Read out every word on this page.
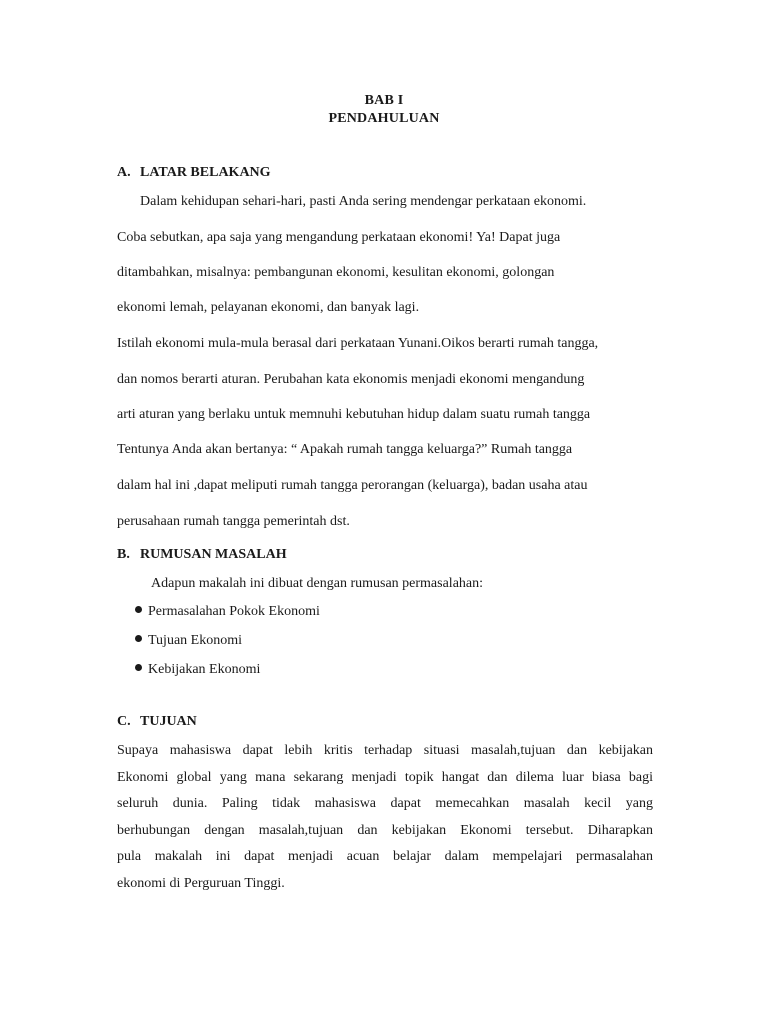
BAB I
PENDAHULUAN
A. LATAR BELAKANG
Dalam kehidupan sehari-hari, pasti Anda sering mendengar perkataan ekonomi.
Coba sebutkan, apa saja yang mengandung perkataan ekonomi! Ya! Dapat juga
ditambahkan, misalnya: pembangunan ekonomi, kesulitan ekonomi, golongan
ekonomi lemah, pelayanan ekonomi, dan banyak lagi.
Istilah ekonomi mula-mula berasal dari perkataan Yunani.Oikos berarti rumah tangga,
dan nomos berarti aturan. Perubahan kata ekonomis menjadi ekonomi mengandung
arti aturan yang berlaku untuk memnuhi kebutuhan hidup dalam suatu rumah tangga
Tentunya Anda akan bertanya: “ Apakah rumah tangga keluarga?” Rumah tangga
dalam hal ini ,dapat meliputi rumah tangga perorangan (keluarga), badan usaha atau
perusahaan rumah tangga pemerintah dst.
B. RUMUSAN MASALAH
Adapun makalah ini dibuat dengan rumusan permasalahan:
Permasalahan Pokok Ekonomi
Tujuan Ekonomi
Kebijakan Ekonomi
C. TUJUAN
Supaya mahasiswa dapat lebih kritis terhadap situasi masalah,tujuan dan kebijakan
Ekonomi global yang mana sekarang menjadi topik hangat dan dilema luar biasa bagi
seluruh dunia. Paling tidak mahasiswa dapat memecahkan masalah kecil yang
berhubungan dengan masalah,tujuan dan kebijakan Ekonomi tersebut. Diharapkan
pula makalah ini dapat menjadi acuan belajar dalam mempelajari permasalahan
ekonomi di Perguruan Tinggi.
